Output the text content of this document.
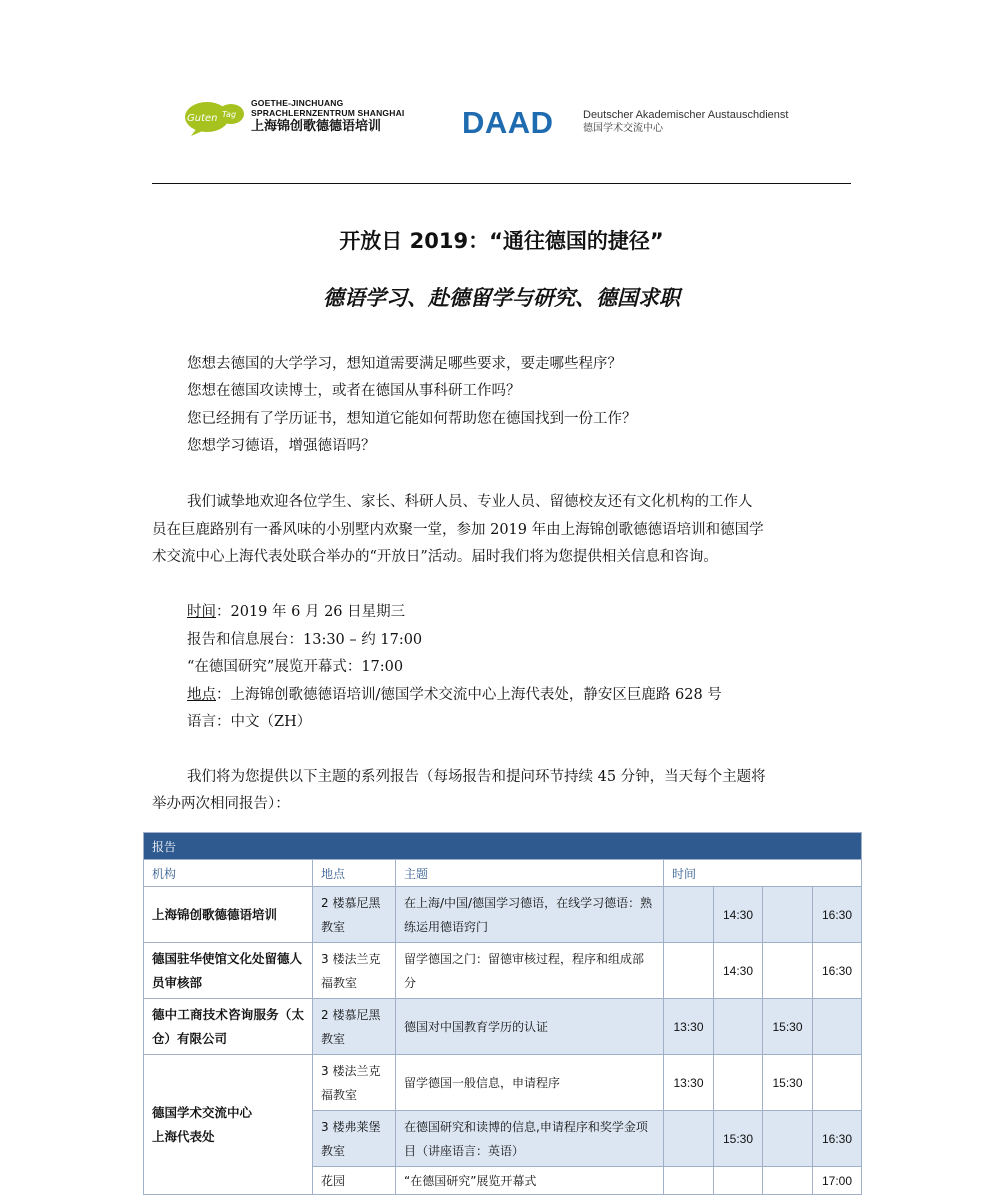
Guten Tag
GOETHE-JINCHUANG
SPRACHLERNZENTRUM SHANGHAI
上海锦创歌德德语培训	DAAD	Deutscher Akademischer Austauschdienst
德国学术交流中心
开放日 2019：“通往德国的捷径”
德语学习、赴德留学与研究、德国求职
您想去德国的大学学习，想知道需要满足哪些要求，要走哪些程序？
您想在德国攻读博士，或者在德国从事科研工作吗？
您已经拥有了学历证书，想知道它能如何帮助您在德国找到一份工作？
您想学习德语，增强德语吗？
我们诚挚地欢迎各位学生、家长、科研人员、专业人员、留德校友还有文化机构的工作人
员在巨鹿路别有一番风味的小别墅内欢聚一堂，参加 2019 年由上海锦创歌德德语培训和德国学
术交流中心上海代表处联合举办的“开放日”活动。届时我们将为您提供相关信息和咨询。
时间：2019 年 6 月 26 日星期三
报告和信息展台：13:30 – 约 17:00
“在德国研究”展览开幕式：17:00
地点：上海锦创歌德德语培训/德国学术交流中心上海代表处，静安区巨鹿路 628 号
语言：中文（ZH）
我们将为您提供以下主题的系列报告（每场报告和提问环节持续 45 分钟，当天每个主题将
举办两次相同报告）：
报告						
机构	地点	主题	时间			
上海锦创歌德德语培训	2 楼慕尼黑教室	在上海/中国/德国学习德语，在线学习德语：熟练运用德语窍门		14:30		16:30
德国驻华使馆文化处留德人员审核部	3 楼法兰克福教室	留学德国之门：留德审核过程，程序和组成部分		14:30		16:30
德中工商技术咨询服务（太仓）有限公司	2 楼慕尼黑教室	德国对中国教育学历的认证	13:30		15:30	
德国学术交流中心
上海代表处	3 楼法兰克福教室	留学德国一般信息，申请程序	13:30		15:30	
	3 楼弗莱堡教室	在德国研究和读博的信息,申请程序和奖学金项目（讲座语言：英语）		15:30		16:30
	花园	“在德国研究”展览开幕式				17:00
